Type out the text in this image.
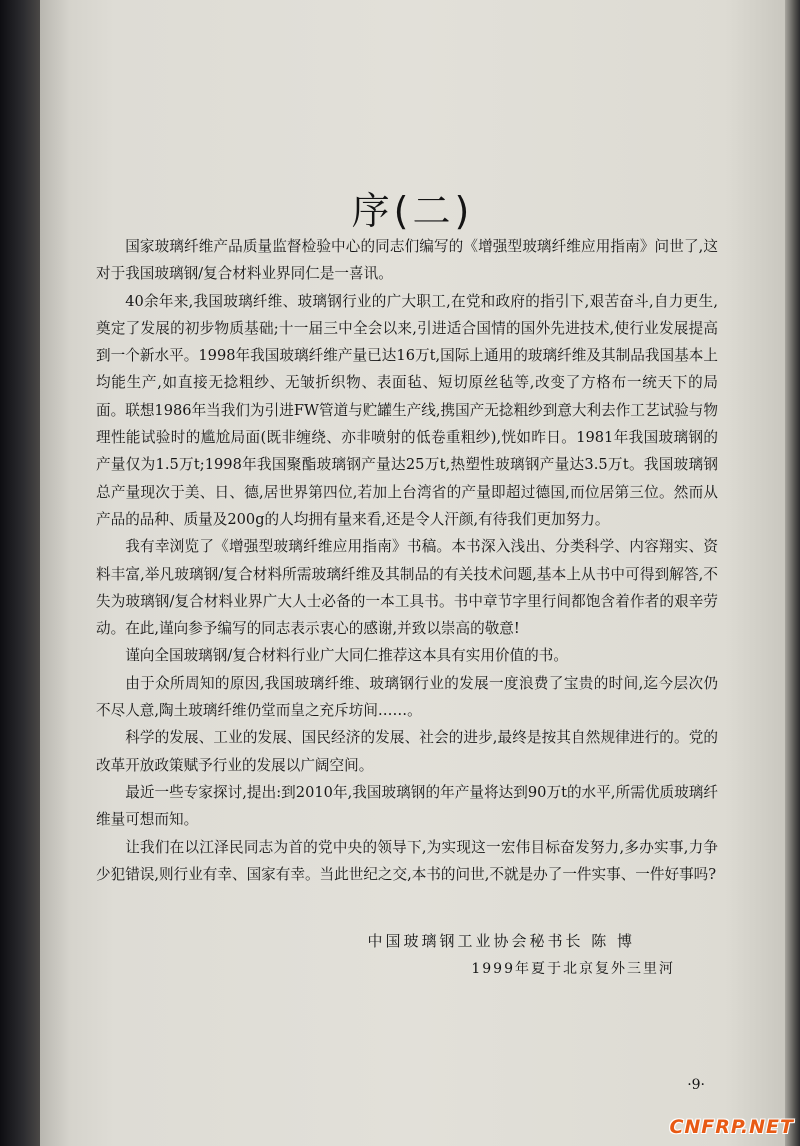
序(二)

国家玻璃纤维产品质量监督检验中心的同志们编写的《增强型玻璃纤维应用指南》问世了,这对于我国玻璃钢/复合材料业界同仁是一喜讯。

40余年来,我国玻璃纤维、玻璃钢行业的广大职工,在党和政府的指引下,艰苦奋斗,自力更生,奠定了发展的初步物质基础;十一届三中全会以来,引进适合国情的国外先进技术,使行业发展提高到一个新水平。1998年我国玻璃纤维产量已达16万t,国际上通用的玻璃纤维及其制品我国基本上均能生产,如直接无捻粗纱、无皱折织物、表面毡、短切原丝毡等,改变了方格布一统天下的局面。联想1986年当我们为引进FW管道与贮罐生产线,携国产无捻粗纱到意大利去作工艺试验与物理性能试验时的尴尬局面(既非缠绕、亦非喷射的低卷重粗纱),恍如昨日。1981年我国玻璃钢的产量仅为1.5万t;1998年我国聚酯玻璃钢产量达25万t,热塑性玻璃钢产量达3.5万t。我国玻璃钢总产量现次于美、日、德,居世界第四位,若加上台湾省的产量即超过德国,而位居第三位。然而从产品的品种、质量及200g的人均拥有量来看,还是令人汗颜,有待我们更加努力。

我有幸浏览了《增强型玻璃纤维应用指南》书稿。本书深入浅出、分类科学、内容翔实、资料丰富,举凡玻璃钢/复合材料所需玻璃纤维及其制品的有关技术问题,基本上从书中可得到解答,不失为玻璃钢/复合材料业界广大人士必备的一本工具书。书中章节字里行间都饱含着作者的艰辛劳动。在此,谨向参予编写的同志表示衷心的感谢,并致以崇高的敬意!

谨向全国玻璃钢/复合材料行业广大同仁推荐这本具有实用价值的书。

由于众所周知的原因,我国玻璃纤维、玻璃钢行业的发展一度浪费了宝贵的时间,迄今层次仍不尽人意,陶土玻璃纤维仍堂而皇之充斥坊间……。

科学的发展、工业的发展、国民经济的发展、社会的进步,最终是按其自然规律进行的。党的改革开放政策赋予行业的发展以广阔空间。

最近一些专家探讨,提出:到2010年,我国玻璃钢的年产量将达到90万t的水平,所需优质玻璃纤维量可想而知。

让我们在以江泽民同志为首的党中央的领导下,为实现这一宏伟目标奋发努力,多办实事,力争少犯错误,则行业有幸、国家有幸。当此世纪之交,本书的问世,不就是办了一件实事、一件好事吗?

中国玻璃钢工业协会秘书长 陈 博

1999年夏于北京复外三里河

·9·
CNFRP.NET
